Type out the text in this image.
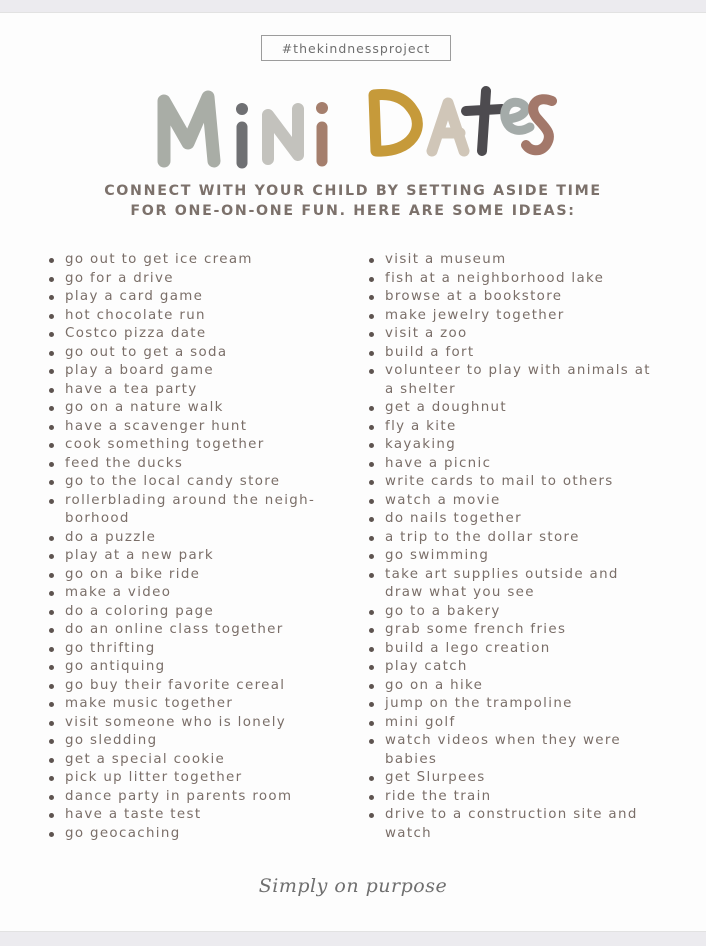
#thekindnessproject
CONNECT WITH YOUR CHILD BY SETTING ASIDE TIME
FOR ONE-ON-ONE FUN. HERE ARE SOME IDEAS:
go out to get ice cream
go for a drive
play a card game
hot chocolate run
Costco pizza date
go out to get a soda
play a board game
have a tea party
go on a nature walk
have a scavenger hunt
cook something together
feed the ducks
go to the local candy store
rollerblading around the neigh-
borhood
do a puzzle
play at a new park
go on a bike ride
make a video
do a coloring page
do an online class together
go thrifting
go antiquing
go buy their favorite cereal
make music together
visit someone who is lonely
go sledding
get a special cookie
pick up litter together
dance party in parents room
have a taste test
go geocaching
visit a museum
fish at a neighborhood lake
browse at a bookstore
make jewelry together
visit a zoo
build a fort
volunteer to play with animals at
a shelter
get a doughnut
fly a kite
kayaking
have a picnic
write cards to mail to others
watch a movie
do nails together
a trip to the dollar store
go swimming
take art supplies outside and
draw what you see
go to a bakery
grab some french fries
build a lego creation
play catch
go on a hike
jump on the trampoline
mini golf
watch videos when they were
babies
get Slurpees
ride the train
drive to a construction site and
watch
Simply on purpose
